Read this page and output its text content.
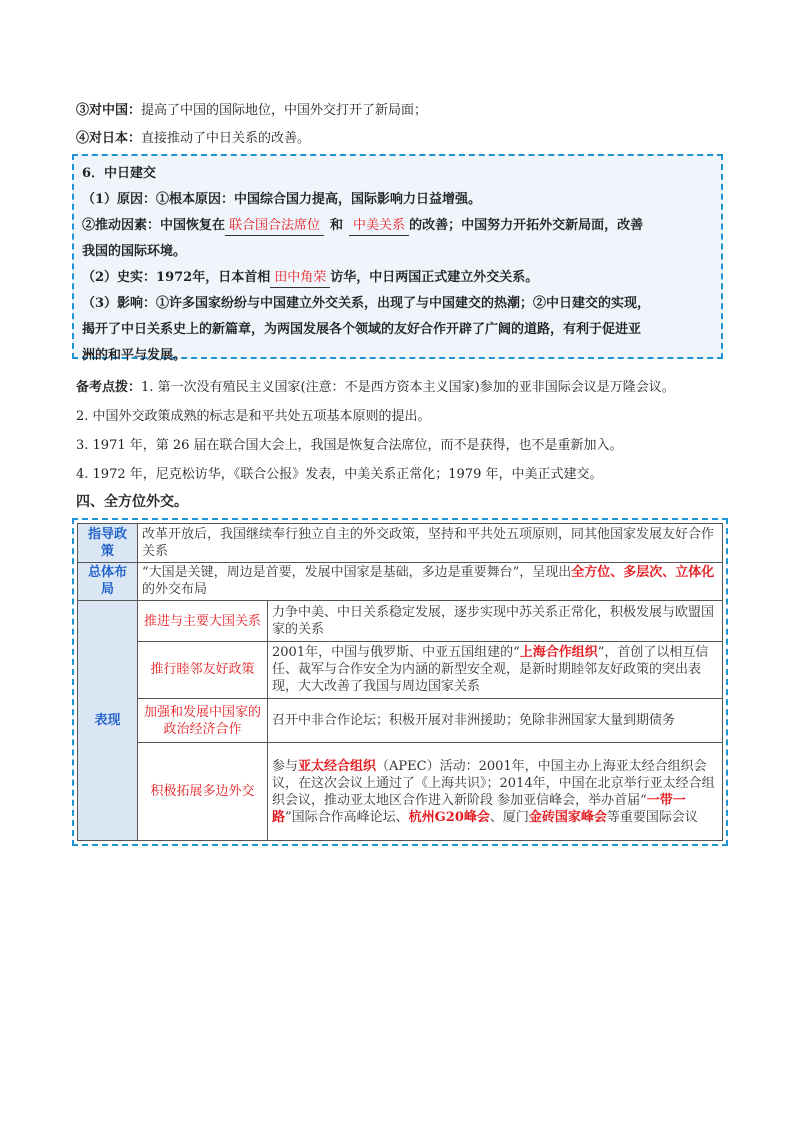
③对中国：提高了中国的国际地位，中国外交打开了新局面；
④对日本：直接推动了中日关系的改善。
6．中日建交
（1）原因：①根本原因：中国综合国力提高，国际影响力日益增强。
②推动因素：中国恢复在 联合国合法席位 和 中美关系 的改善；中国努力开拓外交新局面，改善
我国的国际环境。
（2）史实：1972年，日本首相 田中角荣 访华，中日两国正式建立外交关系。
（3）影响：①许多国家纷纷与中国建立外交关系，出现了与中国建交的热潮；②中日建交的实现，
揭开了中日关系史上的新篇章，为两国发展各个领域的友好合作开辟了广阔的道路，有利于促进亚
洲的和平与发展。
备考点拨：1. 第一次没有殖民主义国家(注意：不是西方资本主义国家)参加的亚非国际会议是万隆会议。
2. 中国外交政策成熟的标志是和平共处五项基本原则的提出。
3. 1971 年，第 26 届在联合国大会上，我国是恢复合法席位，而不是获得，也不是重新加入。
4. 1972 年，尼克松访华，《联合公报》发表，中美关系正常化；1979 年，中美正式建交。
四、全方位外交。
指导政策	改革开放后，我国继续奉行独立自主的外交政策，坚持和平共处五项原则，同其他国家发展友好合作关系	
总体布局	“大国是关键，周边是首要，发展中国家是基础，多边是重要舞台”，呈现出全方位、多层次、立体化的外交布局	
表现	推进与主要大国关系	力争中美、中日关系稳定发展，逐步实现中苏关系正常化，积极发展与欧盟国家的关系
	推行睦邻友好政策	2001年，中国与俄罗斯、中亚五国组建的“上海合作组织”，首创了以相互信任、裁军与合作安全为内涵的新型安全观，是新时期睦邻友好政策的突出表现，大大改善了我国与周边国家关系
	加强和发展中国家的政治经济合作	召开中非合作论坛；积极开展对非洲援助；免除非洲国家大量到期债务
	积极拓展多边外交	参与亚太经合组织（APEC）活动：2001年，中国主办上海亚太经合组织会议，在这次会议上通过了《上海共识》；2014年，中国在北京举行亚太经合组织会议，推动亚太地区合作进入新阶段 参加亚信峰会，举办首届“一带一路”国际合作高峰论坛、杭州G20峰会、厦门金砖国家峰会等重要国际会议
